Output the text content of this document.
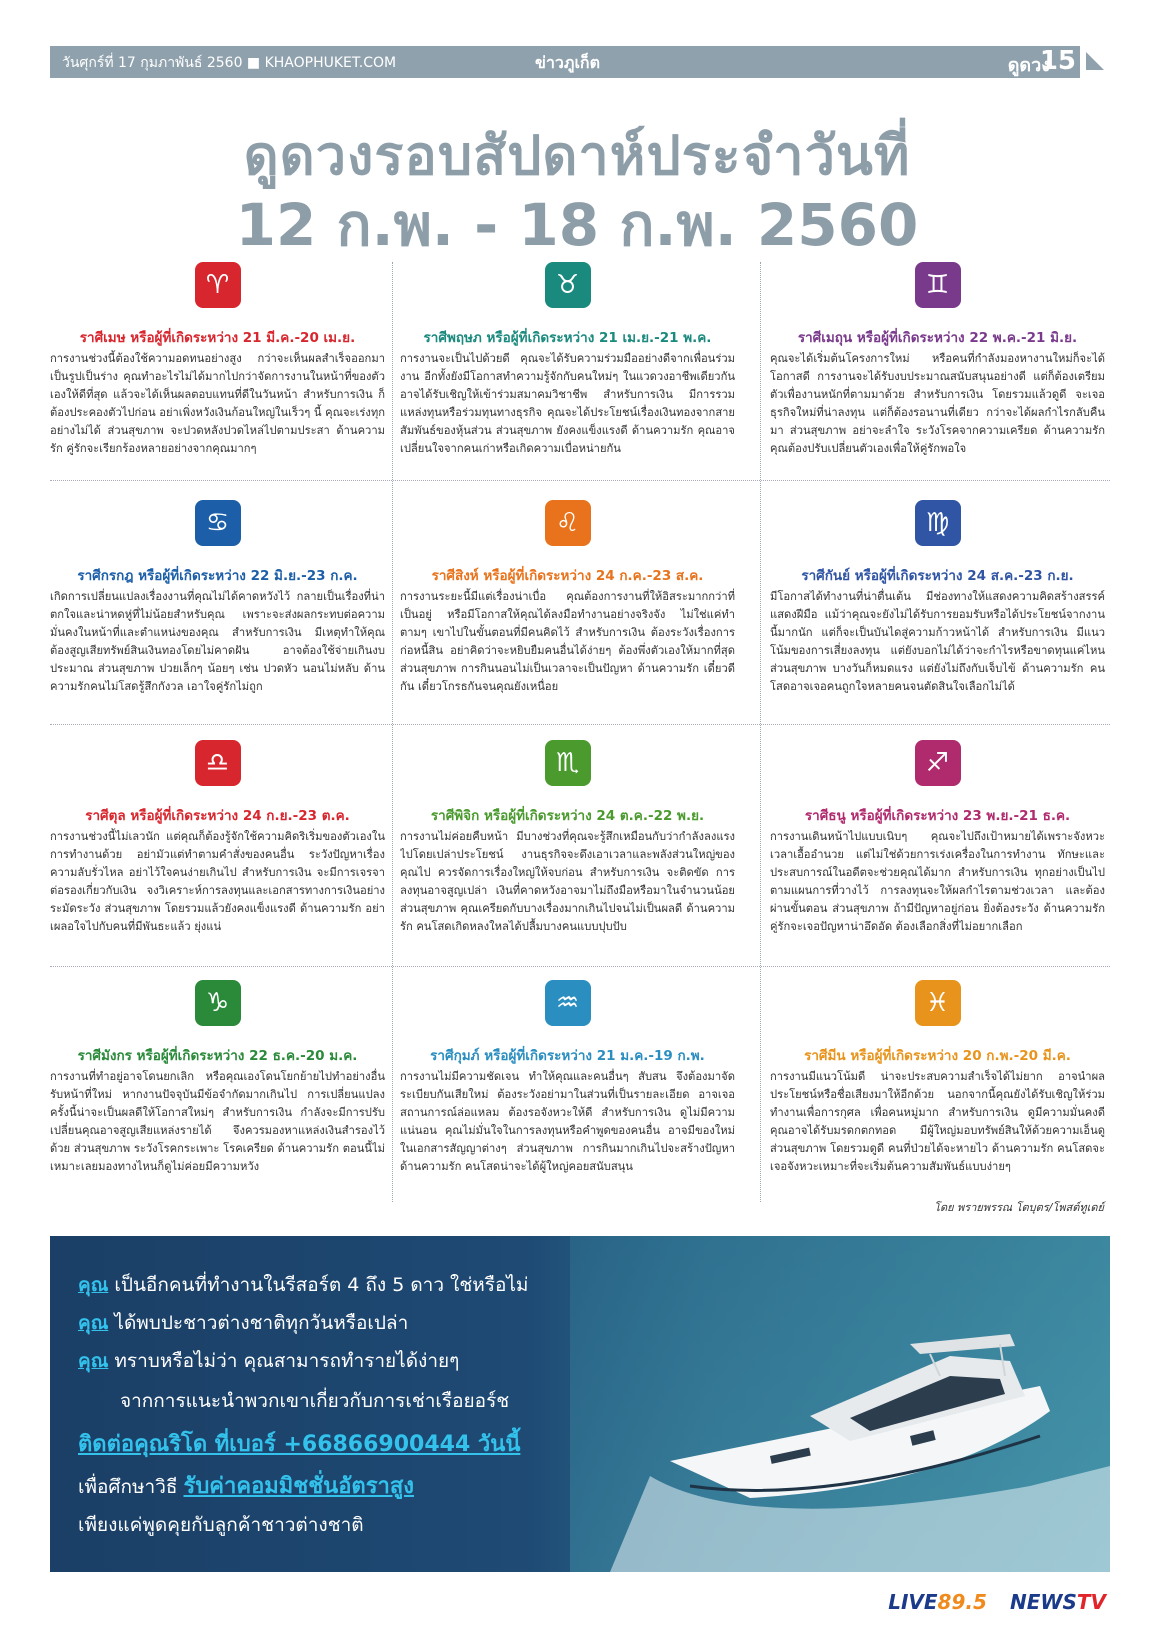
วันศุกร์ที่ 17 กุมภาพันธ์ 2560 ■ KHAOPHUKET.COM	ข่าวภูเก็ต	ดูดวง
15
ดูดวงรอบสัปดาห์ประจำวันที่
12 ก.พ. - 18 ก.พ. 2560
♈
ราศีเมษ หรือผู้ที่เกิดระหว่าง 21 มี.ค.-20 เม.ย.
การงานช่วงนี้ต้องใช้ความอดทนอย่างสูง กว่าจะเห็นผลสำเร็จออกมาเป็นรูปเป็นร่าง คุณทำอะไรไม่ได้มากไปกว่าจัดการงานในหน้าที่ของตัวเองให้ดีที่สุด แล้วจะได้เห็นผลตอบแทนที่ดีในวันหน้า สำหรับการเงิน ก็ต้องประคองตัวไปก่อน อย่าเพิ่งหวังเงินก้อนใหญ่ในเร็วๆ นี้ คุณจะเร่งทุกอย่างไม่ได้ ส่วนสุขภาพ จะปวดหลังปวดไหล่ไปตามประสา ด้านความรัก คู่รักจะเรียกร้องหลายอย่างจากคุณมากๆ
♉
ราศีพฤษภ หรือผู้ที่เกิดระหว่าง 21 เม.ย.-21 พ.ค.
การงานจะเป็นไปด้วยดี คุณจะได้รับความร่วมมืออย่างดีจากเพื่อนร่วมงาน อีกทั้งยังมีโอกาสทำความรู้จักกับคนใหม่ๆ ในแวดวงอาชีพเดียวกัน อาจได้รับเชิญให้เข้าร่วมสมาคมวิชาชีพ สำหรับการเงิน มีการรวมแหล่งทุนหรือร่วมทุนทางธุรกิจ คุณจะได้ประโยชน์เรื่องเงินทองจากสายสัมพันธ์ของหุ้นส่วน ส่วนสุขภาพ ยังคงแข็งแรงดี ด้านความรัก คุณอาจเปลี่ยนใจจากคนเก่าหรือเกิดความเบื่อหน่ายกัน
♊
ราศีเมถุน หรือผู้ที่เกิดระหว่าง 22 พ.ค.-21 มิ.ย.
คุณจะได้เริ่มต้นโครงการใหม่ หรือคนที่กำลังมองหางานใหม่ก็จะได้โอกาสดี การงานจะได้รับงบประมาณสนับสนุนอย่างดี แต่ก็ต้องเตรียมตัวเพื่องานหนักที่ตามมาด้วย สำหรับการเงิน โดยรวมแล้วดูดี จะเจอธุรกิจใหม่ที่น่าลงทุน แต่ก็ต้องรอนานที่เดียว กว่าจะได้ผลกำไรกลับคืนมา ส่วนสุขภาพ อย่าจะลำใจ ระวังโรคจากความเครียด ด้านความรัก คุณต้องปรับเปลี่ยนตัวเองเพื่อให้คู่รักพอใจ
♋
ราศีกรกฎ หรือผู้ที่เกิดระหว่าง 22 มิ.ย.-23 ก.ค.
เกิดการเปลี่ยนแปลงเรื่องงานที่คุณไม่ได้คาดหวังไว้ กลายเป็นเรื่องที่น่าตกใจและน่าหดหู่ที่ไม่น้อยสำหรับคุณ เพราะจะส่งผลกระทบต่อความมั่นคงในหน้าที่และตำแหน่งของคุณ สำหรับการเงิน มีเหตุทำให้คุณต้องสูญเสียทรัพย์สินเงินทองโดยไม่คาดฝัน อาจต้องใช้จ่ายเกินงบประมาณ ส่วนสุขภาพ ปวยเล็กๆ น้อยๆ เช่น ปวดหัว นอนไม่หลับ ด้านความรักคนไม่โสดรู้สึกกังวล เอาใจคู่รักไม่ถูก
♌
ราศีสิงห์ หรือผู้ที่เกิดระหว่าง 24 ก.ค.-23 ส.ค.
การงานระยะนี้มีแต่เรื่องน่าเบื่อ คุณต้องการงานที่ให้อิสระมากกว่าที่เป็นอยู่ หรือมีโอกาสให้คุณได้ลงมือทำงานอย่างจริงจัง ไม่ใช่แค่ทำตามๆ เขาไปในขั้นตอนที่มีคนคิดไว้ สำหรับการเงิน ต้องระวังเรื่องการก่อหนี้สิน อย่าคิดว่าจะหยิบยืมคนอื่นได้ง่ายๆ ต้องพึ่งตัวเองให้มากที่สุด ส่วนสุขภาพ การกินนอนไม่เป็นเวลาจะเป็นปัญหา ด้านความรัก เดี๋ยวดีกัน เดี๋ยวโกรธกันจนคุณยังเหนื่อย
♍
ราศีกันย์ หรือผู้ที่เกิดระหว่าง 24 ส.ค.-23 ก.ย.
มีโอกาสได้ทำงานที่น่าตื่นเต้น มีช่องทางให้แสดงความคิดสร้างสรรค์ แสดงฝีมือ แม้ว่าคุณจะยังไม่ได้รับการยอมรับหรือได้ประโยชน์จากงานนี้มากนัก แต่ก็จะเป็นบันไดสู่ความก้าวหน้าได้ สำหรับการเงิน มีแนวโน้มของการเสี่ยงลงทุน แต่ยังบอกไม่ได้ว่าจะกำไรหรือขาดทุนแค่ไหน ส่วนสุขภาพ บางวันก็หมดแรง แต่ยังไม่ถึงกับเจ็บไข้ ด้านความรัก คนโสดอาจเจอคนถูกใจหลายคนจนตัดสินใจเลือกไม่ได้
♎
ราศีตุล หรือผู้ที่เกิดระหว่าง 24 ก.ย.-23 ต.ค.
การงานช่วงนี้ไม่เลวนัก แต่คุณก็ต้องรู้จักใช้ความคิดริเริ่มของตัวเองในการทำงานด้วย อย่ามัวแต่ทำตามคำสั่งของคนอื่น ระวังปัญหาเรื่องความลับรั่วไหล อย่าไว้ใจคนง่ายเกินไป สำหรับการเงิน จะมีการเจรจาต่อรองเกี่ยวกับเงิน จงวิเคราะห์การลงทุนและเอกสารทางการเงินอย่างระมัดระวัง ส่วนสุขภาพ โดยรวมแล้วยังคงแข็งแรงดี ด้านความรัก อย่าเผลอใจไปกับคนที่มีพันธะแล้ว ยุ่งแน่
♏
ราศีพิจิก หรือผู้ที่เกิดระหว่าง 24 ต.ค.-22 พ.ย.
การงานไม่ค่อยคืบหน้า มีบางช่วงที่คุณจะรู้สึกเหมือนกับว่ากำลังลงแรงไปโดยเปล่าประโยชน์ งานธุรกิจจะดึงเอาเวลาและพลังส่วนใหญ่ของคุณไป ควรจัดการเรื่องใหญ่ให้จบก่อน สำหรับการเงิน จะติดขัด การลงทุนอาจสูญเปล่า เงินที่คาดหวังอาจมาไม่ถึงมือหรือมาในจำนวนน้อย ส่วนสุขภาพ คุณเครียดกับบางเรื่องมากเกินไปจนไม่เป็นผลดี ด้านความรัก คนโสดเกิดหลงใหลได้ปลื้มบางคนแบบปุบปับ
♐
ราศีธนู หรือผู้ที่เกิดระหว่าง 23 พ.ย.-21 ธ.ค.
การงานเดินหน้าไปแบบเนิบๆ คุณจะไปถึงเป้าหมายได้เพราะจังหวะเวลาเอื้ออำนวย แต่ไม่ใช่ด้วยการเร่งเครื่องในการทำงาน ทักษะและประสบการณ์ในอดีตจะช่วยคุณได้มาก สำหรับการเงิน ทุกอย่างเป็นไปตามแผนการที่วางไว้ การลงทุนจะให้ผลกำไรตามช่วงเวลา และต้องผ่านขั้นตอน ส่วนสุขภาพ ถ้ามีปัญหาอยู่ก่อน ยิ่งต้องระวัง ด้านความรัก คู่รักจะเจอปัญหาน่าอึดอัด ต้องเลือกสิ่งที่ไม่อยากเลือก
♑
ราศีมังกร หรือผู้ที่เกิดระหว่าง 22 ธ.ค.-20 ม.ค.
การงานที่ทำอยู่อาจโดนยกเลิก หรือคุณเองโดนโยกย้ายไปทำอย่างอื่น รับหน้าที่ใหม่ หากงานปัจจุบันมีข้อจำกัดมากเกินไป การเปลี่ยนแปลงครั้งนี้น่าจะเป็นผลดีให้โอกาสใหม่ๆ สำหรับการเงิน กำลังจะมีการปรับเปลี่ยนคุณอาจสูญเสียแหล่งรายได้ จึงควรมองหาแหล่งเงินสำรองไว้ด้วย ส่วนสุขภาพ ระวังโรคกระเพาะ โรคเครียด ด้านความรัก ตอนนี้ไม่เหมาะเลยมองทางไหนก็ดูไม่ค่อยมีความหวัง
♒
ราศีกุมภ์ หรือผู้ที่เกิดระหว่าง 21 ม.ค.-19 ก.พ.
การงานไม่มีความชัดเจน ทำให้คุณและคนอื่นๆ สับสน จึงต้องมาจัดระเบียบกันเสียใหม่ ต้องระวังอย่ามาในส่วนที่เป็นรายละเอียด อาจเจอสถานการณ์ล่อแหลม ต้องรอจังหวะให้ดี สำหรับการเงิน ดูไม่มีความแน่นอน คุณไม่มั่นใจในการลงทุนหรือคำพูดของคนอื่น อาจมีของใหม่ในเอกสารสัญญาต่างๆ ส่วนสุขภาพ การกินมากเกินไปจะสร้างปัญหา ด้านความรัก คนโสดน่าจะได้ผู้ใหญ่คอยสนับสนุน
♓
ราศีมีน หรือผู้ที่เกิดระหว่าง 20 ก.พ.-20 มี.ค.
การงานมีแนวโน้มดี น่าจะประสบความสำเร็จได้ไม่ยาก อาจนำผลประโยชน์หรือชื่อเสียงมาให้อีกด้วย นอกจากนี้คุณยังได้รับเชิญให้ร่วมทำงานเพื่อการกุศล เพื่อคนหมู่มาก สำหรับการเงิน ดูมีความมั่นคงดี คุณอาจได้รับมรดกตกทอด มีผู้ใหญ่มอบทรัพย์สินให้ด้วยความเอ็นดู ส่วนสุขภาพ โดยรวมดูดี คนที่ป่วยได้จะหายไว ด้านความรัก คนโสดจะเจอจังหวะเหมาะที่จะเริ่มต้นความสัมพันธ์แบบง่ายๆ
โดย พรายพรรณ โตบุตร/โพสต์ทูเดย์
คุณ เป็นอีกคนที่ทำงานในรีสอร์ต 4 ถึง 5 ดาว ใช่หรือไม่
คุณ ได้พบปะชาวต่างชาติทุกวันหรือเปล่า
คุณ ทราบหรือไม่ว่า คุณสามารถทำรายได้ง่ายๆ
จากการแนะนำพวกเขาเกี่ยวกับการเช่าเรือยอร์ช
ติดต่อคุณริโด ที่เบอร์ +66866900444 วันนี้
เพื่อศึกษาวิธี รับค่าคอมมิชชั่นอัตราสูง
เพียงแค่พูดคุยกับลูกค้าชาวต่างชาติ
LIVE89.5 NEWSTV
